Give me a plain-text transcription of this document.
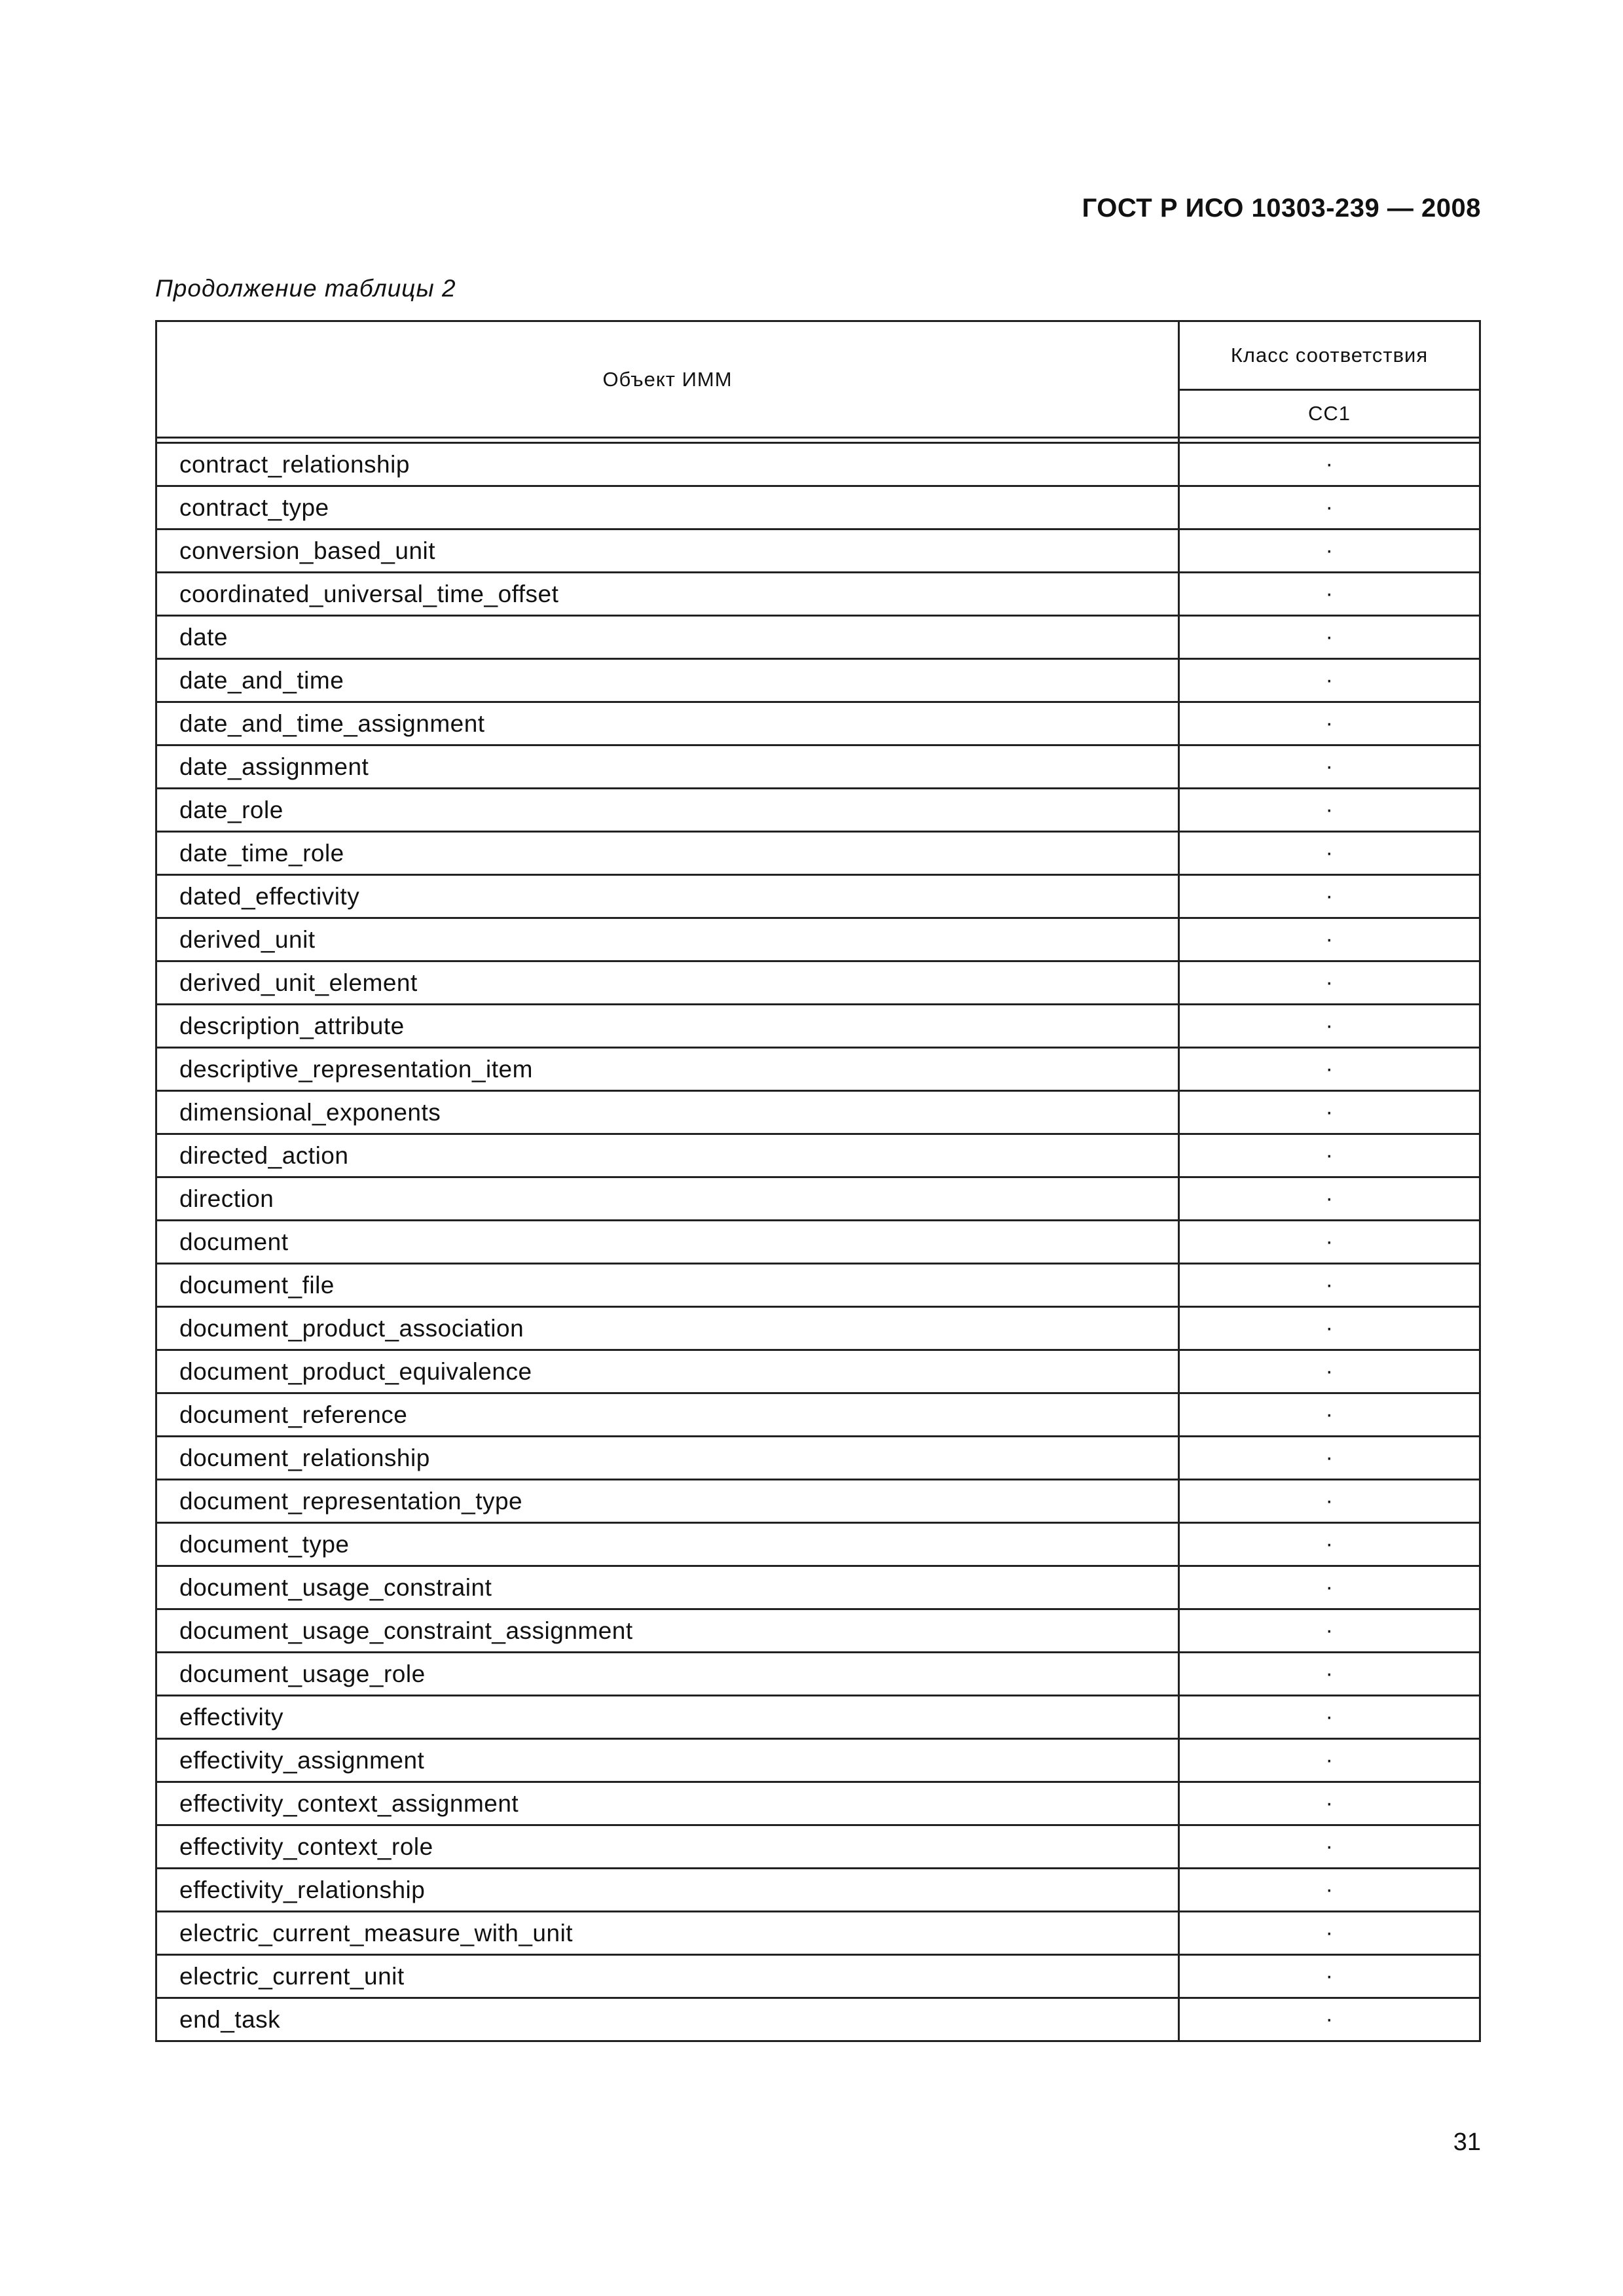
ГОСТ Р ИСО 10303-239 — 2008
Продолжение таблицы 2
Объект ИММ	Класс соответствия
	CC1

contract_relationship	·
contract_type	·
conversion_based_unit	·
coordinated_universal_time_offset	·
date	·
date_and_time	·
date_and_time_assignment	·
date_assignment	·
date_role	·
date_time_role	·
dated_effectivity	·
derived_unit	·
derived_unit_element	·
description_attribute	·
descriptive_representation_item	·
dimensional_exponents	·
directed_action	·
direction	·
document	·
document_file	·
document_product_association	·
document_product_equivalence	·
document_reference	·
document_relationship	·
document_representation_type	·
document_type	·
document_usage_constraint	·
document_usage_constraint_assignment	·
document_usage_role	·
effectivity	·
effectivity_assignment	·
effectivity_context_assignment	·
effectivity_context_role	·
effectivity_relationship	·
electric_current_measure_with_unit	·
electric_current_unit	·
end_task	·
31
